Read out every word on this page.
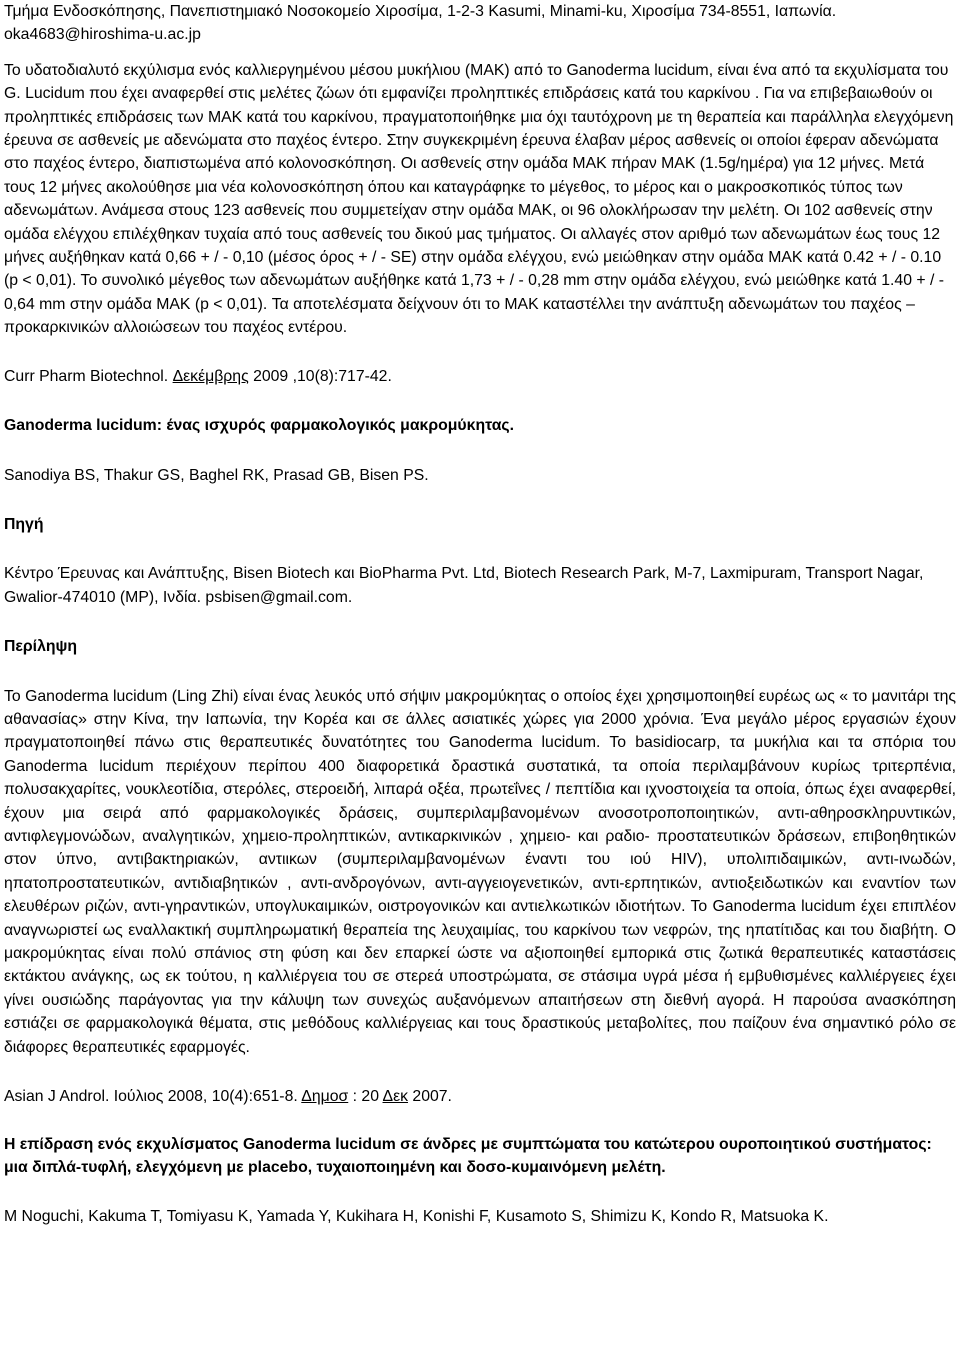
Τμήμα Ενδοσκόπησης, Πανεπιστημιακό Νοσοκομείο Χιροσίμα, 1-2-3 Kasumi, Minami-ku, Χιροσίμα 734-8551, Ιαπωνία. oka4683@hiroshima-u.ac.jp

Το υδατοδιαλυτό εκχύλισμα ενός καλλιεργημένου μέσου μυκήλιου (MAK) από το Ganoderma lucidum, είναι ένα από τα εκχυλίσματα του G. Lucidum που έχει αναφερθεί στις μελέτες ζώων ότι εμφανίζει προληπτικές επιδράσεις κατά του καρκίνου . Για να επιβεβαιωθούν οι προληπτικές επιδράσεις των ΜΑΚ κατά του καρκίνου, πραγματοποιήθηκε μια όχι ταυτόχρονη με τη θεραπεία και παράλληλα ελεγχόμενη έρευνα σε ασθενείς με αδενώματα στο παχέος έντερο. Στην συγκεκριμένη έρευνα έλαβαν μέρος ασθενείς οι οποίοι έφεραν αδενώματα στο παχέος έντερο, διαπιστωμένα από κολονοσκόπηση. Οι ασθενείς στην ομάδα MAK πήραν MAK (1.5g/ημέρα) για 12 μήνες. Μετά τους 12 μήνες ακολούθησε μια νέα κολονοσκόπηση όπου και καταγράφηκε το μέγεθος, το μέρος και ο μακροσκοπικός τύπος των αδενωμάτων. Ανάμεσα στους 123 ασθενείς που συμμετείχαν στην ομάδα MAK, οι 96 ολοκλήρωσαν την μελέτη. Οι 102 ασθενείς στην ομάδα ελέγχου επιλέχθηκαν τυχαία από τους ασθενείς του δικού μας τμήματος. Οι αλλαγές στον αριθμό των αδενωμάτων έως τους 12 μήνες αυξήθηκαν κατά 0,66 + / - 0,10 (μέσος όρος + / - SE) στην ομάδα ελέγχου, ενώ μειώθηκαν στην ομάδα MAK κατά 0.42 + / - 0.10 (p < 0,01). Το συνολικό μέγεθος των αδενωμάτων αυξήθηκε κατά 1,73 + / - 0,28 mm στην ομάδα ελέγχου, ενώ μειώθηκε κατά 1.40 + / - 0,64 mm στην ομάδα MAK (p < 0,01). Τα αποτελέσματα δείχνουν ότι το MAK καταστέλλει την ανάπτυξη αδενωμάτων του παχέος – προκαρκινικών αλλοιώσεων του παχέος εντέρου.

Curr Pharm Biotechnol. Δεκέμβρης 2009 ,10(8):717-42.

Ganoderma lucidum: ένας ισχυρός φαρμακολογικός μακρομύκητας.

Sanodiya BS, Thakur GS, Baghel RK, Prasad GB, Bisen PS.

Πηγή

Κέντρο Έρευνας και Ανάπτυξης, Bisen Biotech και BioPharma Pvt. Ltd, Biotech Research Park, M-7, Laxmipuram, Transport Nagar, Gwalior-474010 (MP), Ινδία. psbisen@gmail.com.

Περίληψη

Το Ganoderma lucidum (Ling Zhi) είναι ένας λευκός υπό σήψιν μακρομύκητας ο οποίος έχει χρησιμοποιηθεί ευρέως ως « το μανιτάρι της αθανασίας» στην Κίνα, την Ιαπωνία, την Κορέα και σε άλλες ασιατικές χώρες για 2000 χρόνια. Ένα μεγάλο μέρος εργασιών έχουν πραγματοποιηθεί πάνω στις θεραπευτικές δυνατότητες του Ganoderma lucidum. To basidiocarp, τα μυκήλια και τα σπόρια του Ganoderma lucidum περιέχουν περίπου 400 διαφορετικά δραστικά συστατικά, τα οποία περιλαμβάνουν κυρίως τριτερπένια, πολυσακχαρίτες, νουκλεοτίδια, στερόλες, στεροειδή, λιπαρά οξέα, πρωτεΐνες / πεπτίδια και ιχνοστοιχεία τα οποία, όπως έχει αναφερθεί, έχουν μια σειρά από φαρμακολογικές δράσεις, συμπεριλαμβανομένων ανοσοτροποποιητικών, αντι-αθηροσκληρυντικών, αντιφλεγμονώδων, αναλγητικών, χημειο-προληπτικών, αντικαρκινικών , χημειο- και ραδιο- προστατευτικών δράσεων, επιβοηθητικών στον ύπνο, αντιβακτηριακών, αντιικων (συμπεριλαμβανομένων έναντι του ιού HIV), υπολιπιδαιμικών, αντι-ινωδών, ηπατοπροστατευτικών, αντιδιαβητικών , αντι-ανδρογόνων, αντι-αγγειογενετικών, αντι-ερπητικών, αντιοξειδωτικών και εναντίον των ελευθέρων ριζών, αντι-γηραντικών, υπογλυκαιμικών, οιστρογονικών και αντιελκωτικών ιδιοτήτων. Το Ganoderma lucidum έχει επιπλέον αναγνωριστεί ως εναλλακτική συμπληρωματική θεραπεία της λευχαιμίας, του καρκίνου των νεφρών, της ηπατίτιδας και του διαβήτη. Ο μακρομύκητας είναι πολύ σπάνιος στη φύση και δεν επαρκεί ώστε να αξιοποιηθεί εμπορικά στις ζωτικά θεραπευτικές καταστάσεις εκτάκτου ανάγκης, ως εκ τούτου, η καλλιέργεια του σε στερεά υποστρώματα, σε στάσιμα υγρά μέσα ή εμβυθισμένες καλλιέργειες έχει γίνει ουσιώδης παράγοντας για την κάλυψη των συνεχώς αυξανόμενων απαιτήσεων στη διεθνή αγορά. Η παρούσα ανασκόπηση εστιάζει σε φαρμακολογικά θέματα, στις μεθόδους καλλιέργειας και τους δραστικούς μεταβολίτες, που παίζουν ένα σημαντικό ρόλο σε διάφορες θεραπευτικές εφαρμογές.

Asian J Androl. Ιούλιος 2008, 10(4):651-8. Δημοσ : 20 Δεκ 2007.

Η επίδραση ενός εκχυλίσματος Ganoderma lucidum σε άνδρες με συμπτώματα του κατώτερου ουροποιητικού συστήματος: μια διπλά-τυφλή, ελεγχόμενη με placebo, τυχαιοποιημένη και δοσο-κυμαινόμενη μελέτη.

M Noguchi, Kakuma T, Tomiyasu K, Yamada Y, Kukihara H, Konishi F, Kusamoto S, Shimizu K, Kondo R, Matsuoka K.
